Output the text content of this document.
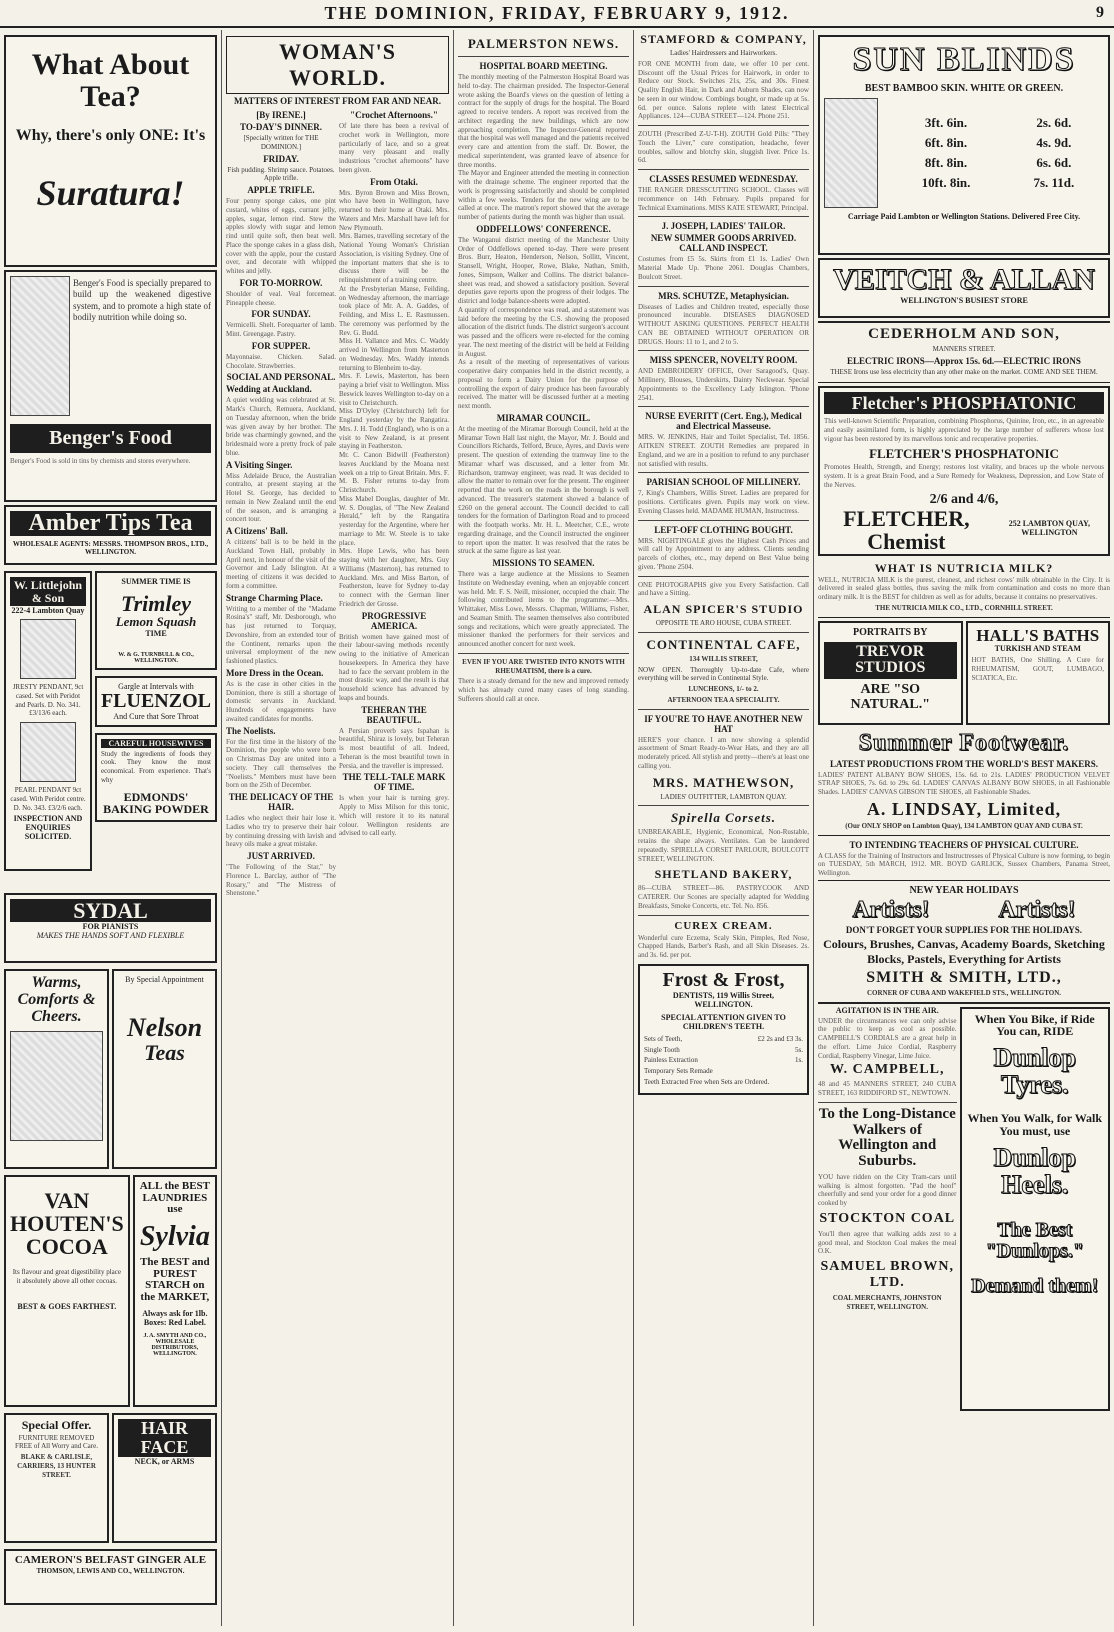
THE DOMINION, FRIDAY, FEBRUARY 9, 1912.	9
What About Tea?
Why, there's only ONE: It's
Suratura!
Benger's Food is specially prepared to build up the weakened digestive system, and to promote a high state of bodily nutrition while doing so.
Benger's Food
Benger's Food is sold in tins by chemists and stores everywhere.
Amber Tips Tea
WHOLESALE AGENTS: MESSRS. THOMPSON BROS., LTD., WELLINGTON.
W. Littlejohn & Son
222-4 Lambton Quay
JRESTY PENDANT, 9ct cased. Set with Peridot and Pearls. D. No. 341. £3/13/6 each.
PEARL PENDANT 9ct cased. With Peridot centre. D. No. 343. £3/2/6 each.
INSPECTION AND ENQUIRIES SOLICITED.
SUMMER TIME IS
Trimley
Lemon Squash
TIME
W. & G. TURNBULL & CO., WELLINGTON.
Gargle at Intervals with
FLUENZOL
And Cure that Sore Throat
CAREFUL HOUSEWIVES
Study the ingredients of foods they cook. They know the most economical. From experience. That's why
EDMONDS' BAKING POWDER
SYDAL
FOR PIANISTS
MAKES THE HANDS SOFT AND FLEXIBLE
Warms, Comforts & Cheers.
By Special Appointment
Nelson
Teas
VAN HOUTEN'S COCOA
Its flavour and great digestibility place it absolutely above all other cocoas.
BEST & GOES FARTHEST.
ALL the BEST LAUNDRIES use
Sylvia
The BEST and PUREST STARCH on the MARKET,
Always ask for 1lb. Boxes: Red Label.
J. A. SMYTH AND CO., WHOLESALE DISTRIBUTORS, WELLINGTON.
Special Offer.
FURNITURE REMOVED FREE of All Worry and Care.
BLAKE & CARLISLE, CARRIERS, 13 HUNTER STREET.
HAIR FACE
NECK, or ARMS
CAMERON'S BELFAST GINGER ALE
THOMSON, LEWIS AND CO., WELLINGTON.
WOMAN'S WORLD.
MATTERS OF INTEREST FROM FAR AND NEAR.
[By IRENE.]
TO-DAY'S DINNER.
[Specially written for THE DOMINION.]
FRIDAY.
Fish pudding. Shrimp sauce. Potatoes. Apple trifle.
APPLE TRIFLE.
Four penny sponge cakes, one pint custard, whites of eggs, currant jelly, apples, sugar, lemon rind. Stew the apples slowly with sugar and lemon rind until quite soft, then beat well. Place the sponge cakes in a glass dish, cover with the apple, pour the custard over, and decorate with whipped whites and jelly.
FOR TO-MORROW.
Shoulder of veal. Veal forcemeat. Pineapple cheese.
FOR SUNDAY.
Vermicelli. Shelt. Forequarter of lamb. Mint. Greengage. Pastry.
FOR SUPPER.
Mayonnaise. Chicken. Salad. Chocolate. Strawberries.
SOCIAL AND PERSONAL.
Wedding at Auckland.
A quiet wedding was celebrated at St. Mark's Church, Remuera, Auckland, on Tuesday afternoon, when the bride was given away by her brother. The bride was charmingly gowned, and the bridesmaid wore a pretty frock of pale blue.
A Visiting Singer.
Miss Adelaide Bruce, the Australian contralto, at present staying at the Hotel St. George, has decided to remain in New Zealand until the end of the season, and is arranging a concert tour.
A Citizens' Ball.
A citizens' ball is to be held in the Auckland Town Hall, probably in April next, in honour of the visit of the Governor and Lady Islington. At a meeting of citizens it was decided to form a committee.
Strange Charming Place.
Writing to a member of the "Madame Rosina's" staff, Mr. Desborough, who has just returned to Torquay, Devonshire, from an extended tour of the Continent, remarks upon the universal employment of the new fashioned plastics.
More Dress in the Ocean.
As is the case in other cities in the Dominion, there is still a shortage of domestic servants in Auckland. Hundreds of engagements have awaited candidates for months.
The Noelists.
For the first time in the history of the Dominion, the people who were born on Christmas Day are united into a society. They call themselves the "Noelists." Members must have been born on the 25th of December.
THE DELICACY OF THE HAIR.
Ladies who neglect their hair lose it. Ladies who try to preserve their hair by continuing dressing with lavish and heavy oils make a great mistake.
JUST ARRIVED.
"The Following of the Star," by Florence L. Barclay, author of "The Rosary," and "The Mistress of Shenstone."
"Crochet Afternoons."
Of late there has been a revival of crochet work in Wellington, more particularly of lace, and so a great many very pleasant and really industrious "crochet afternoons" have been given.
From Otaki.
Mrs. Byron Brown and Miss Brown, who have been in Wellington, have returned to their home at Otaki. Mrs. Waters and Mrs. Marshall have left for New Plymouth.
Mrs. Barnes, travelling secretary of the National Young Woman's Christian Association, is visiting Sydney. One of the important matters that she is to discuss there will be the relinquishment of a training centre.
At the Presbyterian Manse, Feilding, on Wednesday afternoon, the marriage took place of Mr. A. A. Gaddes, of Feilding, and Miss L. E. Rasmussen. The ceremony was performed by the Rev. G. Budd.
Miss H. Vallance and Mrs. C. Waddy arrived in Wellington from Masterton on Wednesday. Mrs. Waddy intends returning to Blenheim to-day.
Mrs. F. Lewis, Masterton, has been paying a brief visit to Wellington. Miss Beswick leaves Wellington to-day on a visit to Christchurch.
Miss D'Oyley (Christchurch) left for England yesterday by the Rangatira. Mrs. J. H. Todd (England), who is on a visit to New Zealand, is at present staying in Featherston.
Mr. C. Canon Bidwill (Featherston) leaves Auckland by the Moana next week on a trip to Great Britain. Mrs. F. M. B. Fisher returns to-day from Christchurch.
Miss Mabel Douglas, daughter of Mr. W. S. Douglas, of "The New Zealand Herald," left by the Rangatira yesterday for the Argentine, where her marriage to Mr. W. Steele is to take place.
Mrs. Hope Lewis, who has been staying with her daughter, Mrs. Guy Williams (Masterton), has returned to Auckland. Mrs. and Miss Barton, of Featherston, leave for Sydney to-day to connect with the German liner Friedrich der Grosse.
PROGRESSIVE AMERICA.
British women have gained most of their labour-saving methods recently owing to the initiative of American housekeepers. In America they have had to face the servant problem in the most drastic way, and the result is that household science has advanced by leaps and bounds.
TEHERAN THE BEAUTIFUL.
A Persian proverb says Ispahan is beautiful, Shiraz is lovely, but Teheran is most beautiful of all. Indeed, Teheran is the most beautiful town in Persia, and the traveller is impressed.
THE TELL-TALE MARK OF TIME.
Is when your hair is turning grey. Apply to Miss Milson for this tonic, which will restore it to its natural colour. Wellington residents are advised to call early.
PALMERSTON NEWS.
HOSPITAL BOARD MEETING.
The monthly meeting of the Palmerston Hospital Board was held to-day. The chairman presided. The Inspector-General wrote asking the Board's views on the question of letting a contract for the supply of drugs for the hospital. The Board agreed to receive tenders. A report was received from the architect regarding the new buildings, which are now approaching completion. The Inspector-General reported that the hospital was well managed and the patients received every care and attention from the staff. Dr. Bower, the medical superintendent, was granted leave of absence for three months.
The Mayor and Engineer attended the meeting in connection with the drainage scheme. The engineer reported that the work is progressing satisfactorily and should be completed within a few weeks. Tenders for the new wing are to be called at once. The matron's report showed that the average number of patients during the month was higher than usual.
ODDFELLOWS' CONFERENCE.
The Wanganui district meeting of the Manchester Unity Order of Oddfellows opened to-day. There were present Bros. Burr, Heaton, Henderson, Nelson, Sollitt, Vincent, Stansell, Wright, Hooper, Rowe, Blake, Nathan, Smith, Jones, Simpson, Walker and Collins. The district balance-sheet was read, and showed a satisfactory position. Several deputies gave reports upon the progress of their lodges. The district and lodge balance-sheets were adopted.
A quantity of correspondence was read, and a statement was laid before the meeting by the C.S. showing the proposed allocation of the district funds. The district surgeon's account was passed and the officers were re-elected for the coming year. The next meeting of the district will be held at Feilding in August.
As a result of the meeting of representatives of various cooperative dairy companies held in the district recently, a proposal to form a Dairy Union for the purpose of controlling the export of dairy produce has been favourably received. The matter will be discussed further at a meeting next month.
MIRAMAR COUNCIL.
At the meeting of the Miramar Borough Council, held at the Miramar Town Hall last night, the Mayor, Mr. J. Bould and Councillors Richards, Telford, Bruce, Ayres, and Davis were present. The question of extending the tramway line to the Miramar wharf was discussed, and a letter from Mr. Richardson, tramway engineer, was read. It was decided to allow the matter to remain over for the present. The engineer reported that the work on the roads in the borough is well advanced. The treasurer's statement showed a balance of £260 on the general account. The Council decided to call tenders for the formation of Darlington Road and to proceed with the footpath works. Mr. H. L. Meetcher, C.E., wrote regarding drainage, and the Council instructed the engineer to report upon the matter. It was resolved that the rates be struck at the same figure as last year.
MISSIONS TO SEAMEN.
There was a large audience at the Missions to Seamen Institute on Wednesday evening, when an enjoyable concert was held. Mr. F. S. Neill, missioner, occupied the chair. The following contributed items to the programme:—Mrs. Whittaker, Miss Lowe, Messrs. Chapman, Williams, Fisher, and Seaman Smith. The seamen themselves also contributed songs and recitations, which were greatly appreciated. The missioner thanked the performers for their services and announced another concert for next week.
EVEN IF YOU ARE TWISTED INTO KNOTS WITH RHEUMATISM, there is a cure.
There is a steady demand for the new and improved remedy which has already cured many cases of long standing. Sufferers should call at once.
STAMFORD & COMPANY,
Ladies' Hairdressers and Hairworkers.
FOR ONE MONTH from date, we offer 10 per cent. Discount off the Usual Prices for Hairwork, in order to Reduce our Stock. Switches 21s, 25s, and 30s. Finest Quality English Hair, in Dark and Auburn Shades, can now be seen in our window. Combings bought, or made up at 5s. 6d. per ounce. Salons replete with latest Electrical Appliances. 124—CUBA STREET—124. Phone 251.
ZOUTH (Prescribed Z-U-T-H). ZOUTH Gold Pills: "They Touch the Liver," cure constipation, headache, fever troubles, sallow and blotchy skin, sluggish liver. Price 1s. 6d.
CLASSES RESUMED WEDNESDAY.
THE RANGER DRESSCUTTING SCHOOL. Classes will recommence on 14th February. Pupils prepared for Technical Examinations. MISS KATE STEWART, Principal.
J. JOSEPH, LADIES' TAILOR.
NEW SUMMER GOODS ARRIVED. CALL AND INSPECT.
Costumes from £5 5s. Skirts from £1 1s. Ladies' Own Material Made Up. 'Phone 2061. Douglas Chambers, Boulcott Street.
MRS. SCHUTZE, Metaphysician.
Diseases of Ladies and Children treated, especially those pronounced incurable. DISEASES DIAGNOSED WITHOUT ASKING QUESTIONS. PERFECT HEALTH CAN BE OBTAINED WITHOUT OPERATION OR DRUGS. Hours: 11 to 1, and 2 to 5.
MISS SPENCER, NOVELTY ROOM.
AND EMBROIDERY OFFICE, Over Saragood's, Quay. Millinery, Blouses, Underskirts, Dainty Neckwear. Special Appointments to the Excellency Lady Islington. 'Phone 2541.
NURSE EVERITT (Cert. Eng.), Medical and Electrical Masseuse.
MRS. W. JENKINS, Hair and Toilet Specialist, Tel. 1856. AITKEN STREET. ZOUTH Remedies are prepared in England, and we are in a position to refund to any purchaser not satisfied with results.
PARISIAN SCHOOL OF MILLINERY.
7, King's Chambers, Willis Street. Ladies are prepared for positions. Certificates given. Pupils may work on view. Evening Classes held. MADAME HUMAN, Instructress.
LEFT-OFF CLOTHING BOUGHT.
MRS. NIGHTINGALE gives the Highest Cash Prices and will call by Appointment to any address. Clients sending parcels of clothes, etc., may depend on Best Value being given. 'Phone 2504.
ONE PHOTOGRAPHS give you Every Satisfaction. Call and have a Sitting.
ALAN SPICER'S STUDIO
OPPOSITE TE ARO HOUSE, CUBA STREET.
CONTINENTAL CAFE,
134 WILLIS STREET,
NOW OPEN. Thoroughly Up-to-date Cafe, where everything will be served in Continental Style.
LUNCHEONS, 1/- to 2.
AFTERNOON TEA A SPECIALITY.
IF YOU'RE TO HAVE ANOTHER NEW HAT
HERE'S your chance. I am now showing a splendid assortment of Smart Ready-to-Wear Hats, and they are all moderately priced. All stylish and pretty—there's at least one calling you.
MRS. MATHEWSON,
LADIES' OUTFITTER, LAMBTON QUAY.
Spirella Corsets.
UNBREAKABLE, Hygienic, Economical, Non-Rustable, retains the shape always. Ventilates. Can be laundered repeatedly. SPIRELLA CORSET PARLOUR, BOULCOTT STREET, WELLINGTON.
SHETLAND BAKERY,
86—CUBA STREET—86. PASTRYCOOK AND CATERER. Our Scones are specially adapted for Wedding Breakfasts, Smoke Concerts, etc. Tel. No. 856.
CUREX CREAM.
Wonderful cure Eczema, Scaly Skin, Pimples, Red Nose, Chapped Hands, Barber's Rash, and all Skin Diseases. 2s. and 3s. 6d. per pot.
Frost & Frost,
DENTISTS, 119 Willis Street, WELLINGTON.
SPECIAL ATTENTION GIVEN TO CHILDREN'S TEETH.
Sets of Teeth,	£2 2s and £3 3s.
Single Tooth	5s.
Painless Extraction	1s.
Temporary Sets Remade
Teeth Extracted Free when Sets are Ordered.
SUN BLINDS
BEST BAMBOO SKIN. WHITE OR GREEN.
3ft. 6in.	2s. 6d.
6ft. 8in.	4s. 9d.
8ft. 8in.	6s. 6d.
10ft. 8in.	7s. 11d.
Carriage Paid Lambton or Wellington Stations. Delivered Free City.
VEITCH & ALLAN
WELLINGTON'S BUSIEST STORE
CEDERHOLM AND SON,
MANNERS STREET.
ELECTRIC IRONS—Approx 15s. 6d.—ELECTRIC IRONS
THESE Irons use less electricity than any other make on the market. COME AND SEE THEM.
Fletcher's PHOSPHATONIC
This well-known Scientific Preparation, combining Phosphorus, Quinine, Iron, etc., in an agreeable and easily assimilated form, is highly appreciated by the large number of sufferers whose lost vigour has been restored by its marvellous tonic and recuperative properties.
FLETCHER'S PHOSPHATONIC
Promotes Health, Strength, and Energy; restores lost vitality, and braces up the whole nervous system. It is a great Brain Food, and a Sure Remedy for Weakness, Depression, and Low State of the Nerves.
2/6 and 4/6,
FLETCHER, Chemist
252 LAMBTON QUAY, WELLINGTON
WHAT IS NUTRICIA MILK?
WELL, NUTRICIA MILK is the purest, cleanest, and richest cows' milk obtainable in the City. It is delivered in sealed glass bottles, thus saving the milk from contamination and costs no more than ordinary milk. It is the BEST for children as well as for adults, because it contains no preservatives.
THE NUTRICIA MILK CO., LTD., CORNHILL STREET.
PORTRAITS BY
TREVOR STUDIOS
ARE "SO NATURAL."
HALL'S BATHS
TURKISH AND STEAM
HOT BATHS, One Shilling. A Cure for RHEUMATISM, GOUT, LUMBAGO, SCIATICA, Etc.
Summer Footwear.
LATEST PRODUCTIONS FROM THE WORLD'S BEST MAKERS.
LADIES' PATENT ALBANY BOW SHOES, 15s. 6d. to 21s. LADIES' PRODUCTION VELVET STRAP SHOES, 7s. 6d. to 29s. 6d. LADIES' CANVAS ALBANY BOW SHOES, in all Fashionable Shades. LADIES' CANVAS GIBSON TIE SHOES, all Fashionable Shades.
A. LINDSAY, Limited,
(Our ONLY SHOP on Lambton Quay), 134 LAMBTON QUAY AND CUBA ST.
TO INTENDING TEACHERS OF PHYSICAL CULTURE.
A CLASS for the Training of Instructors and Instructresses of Physical Culture is now forming, to begin on TUESDAY, 5th MARCH, 1912. MR. BOYD GARLICK, Sussex Chambers, Panama Street, Wellington.
NEW YEAR HOLIDAYS
Artists!	Artists!
DON'T FORGET YOUR SUPPLIES FOR THE HOLIDAYS.
Colours, Brushes, Canvas, Academy Boards, Sketching Blocks, Pastels, Everything for Artists
SMITH & SMITH, LTD.,
CORNER OF CUBA AND WAKEFIELD STS., WELLINGTON.
AGITATION IS IN THE AIR.
UNDER the circumstances we can only advise the public to keep as cool as possible. CAMPBELL'S CORDIALS are a great help in the effort. Lime Juice Cordial, Raspberry Cordial, Raspberry Vinegar, Lime Juice.
W. CAMPBELL,
48 and 45 MANNERS STREET, 240 CUBA STREET, 163 RIDDIFORD ST., NEWTOWN.
To the Long-Distance Walkers of Wellington and Suburbs.
YOU have ridden on the City Tram-cars until walking is almost forgotten. "Pad the hoof" cheerfully and send your order for a good dinner cooked by
STOCKTON COAL
You'll then agree that walking adds zest to a good meal, and Stockton Coal makes the meal O.K.
SAMUEL BROWN, LTD.
COAL MERCHANTS, JOHNSTON STREET, WELLINGTON.
When You Bike, if Ride You can, RIDE
Dunlop Tyres.
When You Walk, for Walk You must, use
Dunlop Heels.
The Best "Dunlops."
Demand them!
